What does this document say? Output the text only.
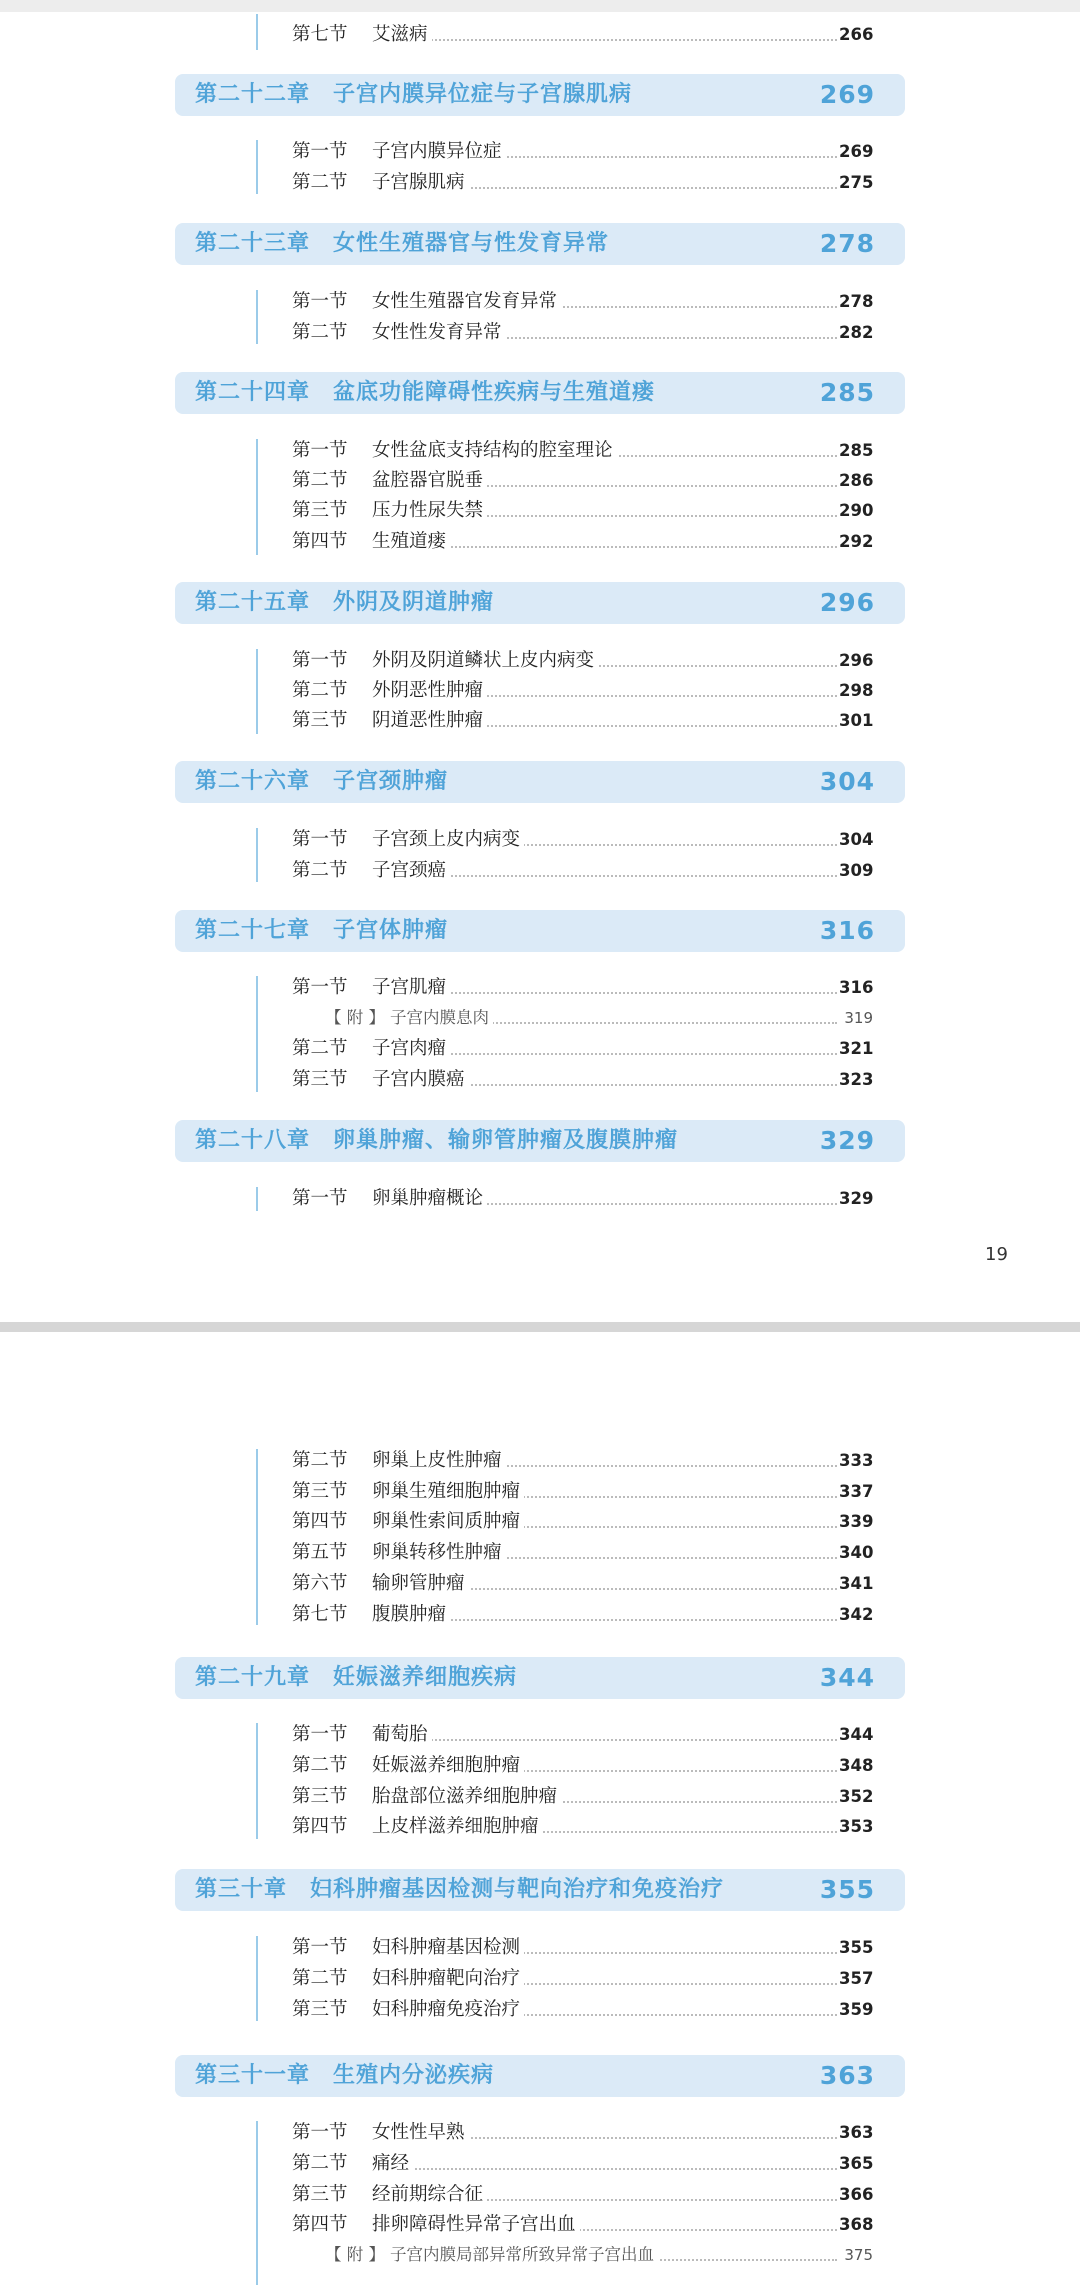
第七节 艾滋病	266
第二十二章　子宫内膜异位症与子宫腺肌病	269
第一节 子宫内膜异位症	269
第二节 子宫腺肌病	275
第二十三章　女性生殖器官与性发育异常	278
第一节 女性生殖器官发育异常	278
第二节 女性性发育异常	282
第二十四章　盆底功能障碍性疾病与生殖道瘘	285
第一节 女性盆底支持结构的腔室理论	285
第二节 盆腔器官脱垂	286
第三节 压力性尿失禁	290
第四节 生殖道瘘	292
第二十五章　外阴及阴道肿瘤	296
第一节 外阴及阴道鳞状上皮内病变	296
第二节 外阴恶性肿瘤	298
第三节 阴道恶性肿瘤	301
第二十六章　子宫颈肿瘤	304
第一节 子宫颈上皮内病变	304
第二节 子宫颈癌	309
第二十七章　子宫体肿瘤	316
第一节 子宫肌瘤	316
【 附 】 子宫内膜息肉	319
第二节 子宫肉瘤	321
第三节 子宫内膜癌	323
第二十八章　卵巢肿瘤、输卵管肿瘤及腹膜肿瘤	329
第一节 卵巢肿瘤概论	329
19
第二节 卵巢上皮性肿瘤	333
第三节 卵巢生殖细胞肿瘤	337
第四节 卵巢性索间质肿瘤	339
第五节 卵巢转移性肿瘤	340
第六节 输卵管肿瘤	341
第七节 腹膜肿瘤	342
第二十九章　妊娠滋养细胞疾病	344
第一节 葡萄胎	344
第二节 妊娠滋养细胞肿瘤	348
第三节 胎盘部位滋养细胞肿瘤	352
第四节 上皮样滋养细胞肿瘤	353
第三十章　妇科肿瘤基因检测与靶向治疗和免疫治疗	355
第一节 妇科肿瘤基因检测	355
第二节 妇科肿瘤靶向治疗	357
第三节 妇科肿瘤免疫治疗	359
第三十一章　生殖内分泌疾病	363
第一节 女性性早熟	363
第二节 痛经	365
第三节 经前期综合征	366
第四节 排卵障碍性异常子宫出血	368
【 附 】 子宫内膜局部异常所致异常子宫出血	375
